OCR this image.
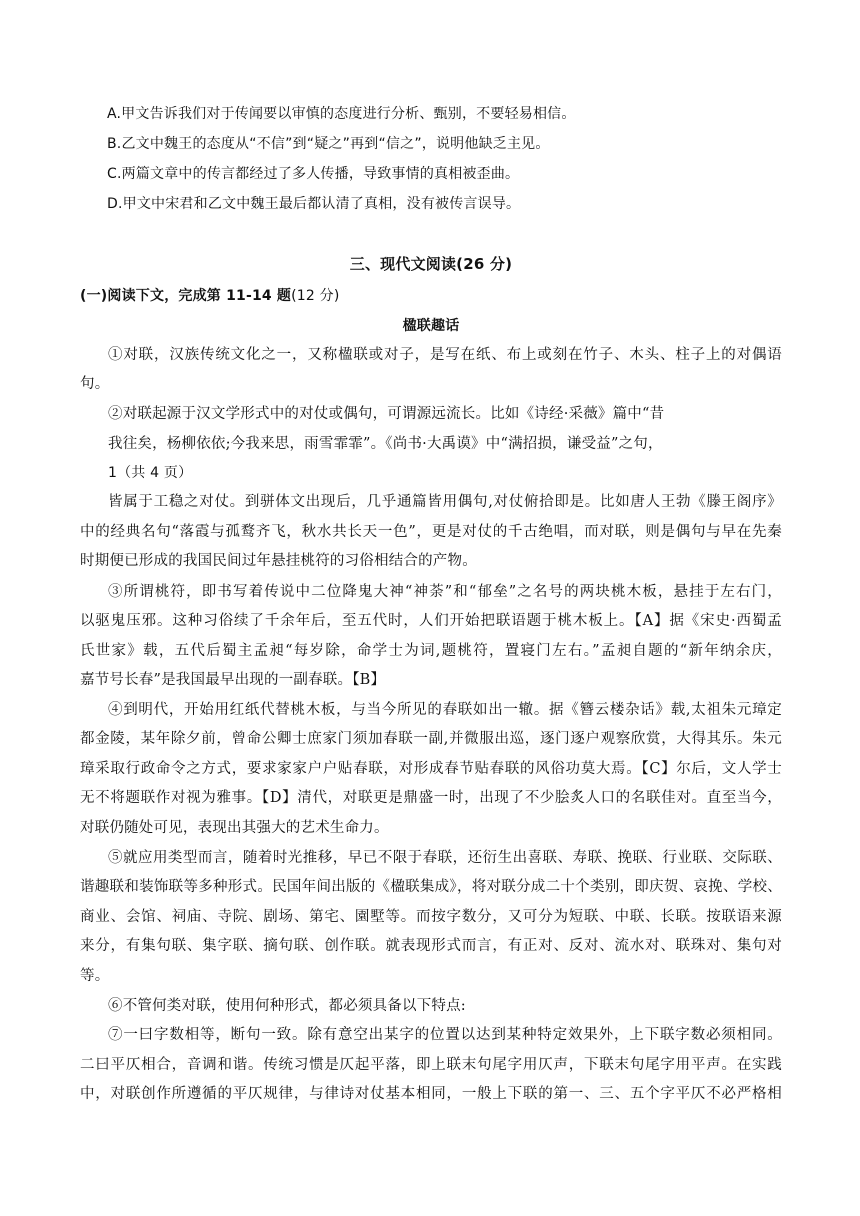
A.甲文告诉我们对于传闻要以审慎的态度进行分析、甄别，不要轻易相信。
B.乙文中魏王的态度从“不信”到“疑之”再到“信之”，说明他缺乏主见。
C.两篇文章中的传言都经过了多人传播，导致事情的真相被歪曲。
D.甲文中宋君和乙文中魏王最后都认清了真相，没有被传言误导。
三、现代文阅读(26 分)
(一)阅读下文，完成第 11-14 题(12 分)
楹联趣话
①对联，汉族传统文化之一，又称楹联或对子，是写在纸、布上或刻在竹子、木头、柱子上的对偶语
句。
②对联起源于汉文学形式中的对仗或偶句，可谓源远流长。比如《诗经·采薇》篇中“昔
我往矣，杨柳依依;今我来思，雨雪霏霏”。《尚书·大禹谟》中“满招损，谦受益”之句，
1（共 4 页）
皆属于工稳之对仗。到骈体文出现后，几乎通篇皆用偶句,对仗俯拾即是。比如唐人王勃《滕王阁序》
中的经典名句“落霞与孤鹜齐飞，秋水共长天一色”，更是对仗的千古绝唱，而对联，则是偶句与早在先秦
时期便已形成的我国民间过年悬挂桃符的习俗相结合的产物。
③所谓桃符，即书写着传说中二位降鬼大神“神荼”和“郁垒”之名号的两块桃木板，悬挂于左右门，
以驱鬼压邪。这种习俗续了千余年后，至五代时，人们开始把联语题于桃木板上。【A】据《宋史·西蜀孟
氏世家》载，五代后蜀主孟昶“每岁除，命学士为词,题桃符，置寝门左右。”孟昶自题的“新年纳余庆，
嘉节号长春”是我国最早出现的一副春联。【B】
④到明代，开始用红纸代替桃木板，与当今所见的春联如出一辙。据《簪云楼杂话》载,太祖朱元璋定
都金陵，某年除夕前，曾命公卿士庶家门须加春联一副,并微服出巡，逐门逐户观察欣赏，大得其乐。朱元
璋采取行政命令之方式，要求家家户户贴春联，对形成春节贴春联的风俗功莫大焉。【C】尔后，文人学士
无不将题联作对视为雅事。【D】清代，对联更是鼎盛一时，出现了不少脍炙人口的名联佳对。直至当今，
对联仍随处可见，表现出其强大的艺术生命力。
⑤就应用类型而言，随着时光推移，早已不限于春联，还衍生出喜联、寿联、挽联、行业联、交际联、
谐趣联和装饰联等多种形式。民国年间出版的《楹联集成》，将对联分成二十个类别，即庆贺、哀挽、学校、
商业、会馆、祠庙、寺院、剧场、第宅、園墅等。而按字数分，又可分为短联、中联、长联。按联语来源
来分，有集句联、集字联、摘句联、创作联。就表现形式而言，有正对、反对、流水对、联珠对、集句对
等。
⑥不管何类对联，使用何种形式，都必须具备以下特点:
⑦一曰字数相等，断句一致。除有意空出某字的位置以达到某种特定效果外，上下联字数必须相同。
二曰平仄相合，音调和谐。传统习惯是仄起平落，即上联末句尾字用仄声，下联末句尾字用平声。在实践
中，对联创作所遵循的平仄规律，与律诗对仗基本相同，一般上下联的第一、三、五个字平仄不必严格相
